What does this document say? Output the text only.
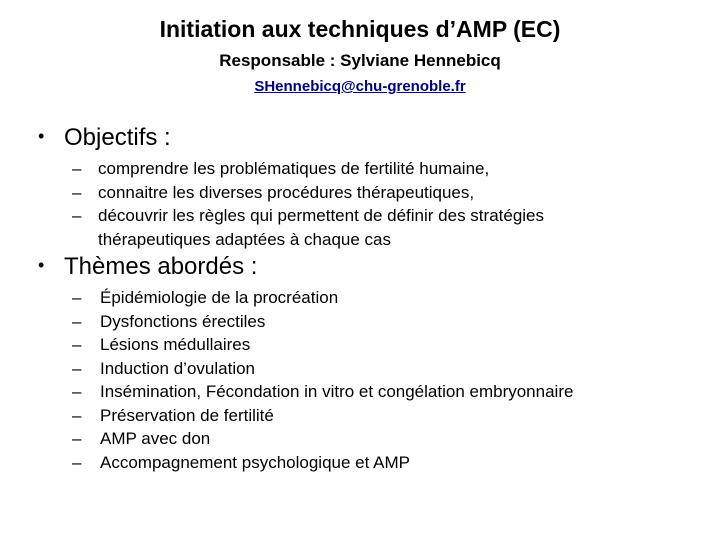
Initiation aux techniques d’AMP (EC)
Responsable : Sylviane Hennebicq
SHennebicq@chu-grenoble.fr
• Objectifs :
– comprendre les problématiques de fertilité humaine,
– connaitre les diverses procédures thérapeutiques,
– découvrir les règles qui permettent de définir des stratégies
thérapeutiques adaptées à chaque cas
• Thèmes abordés :
– Épidémiologie de la procréation
– Dysfonctions érectiles
– Lésions médullaires
– Induction d’ovulation
– Insémination, Fécondation in vitro et congélation embryonnaire
– Préservation de fertilité
– AMP avec don
– Accompagnement psychologique et AMP
